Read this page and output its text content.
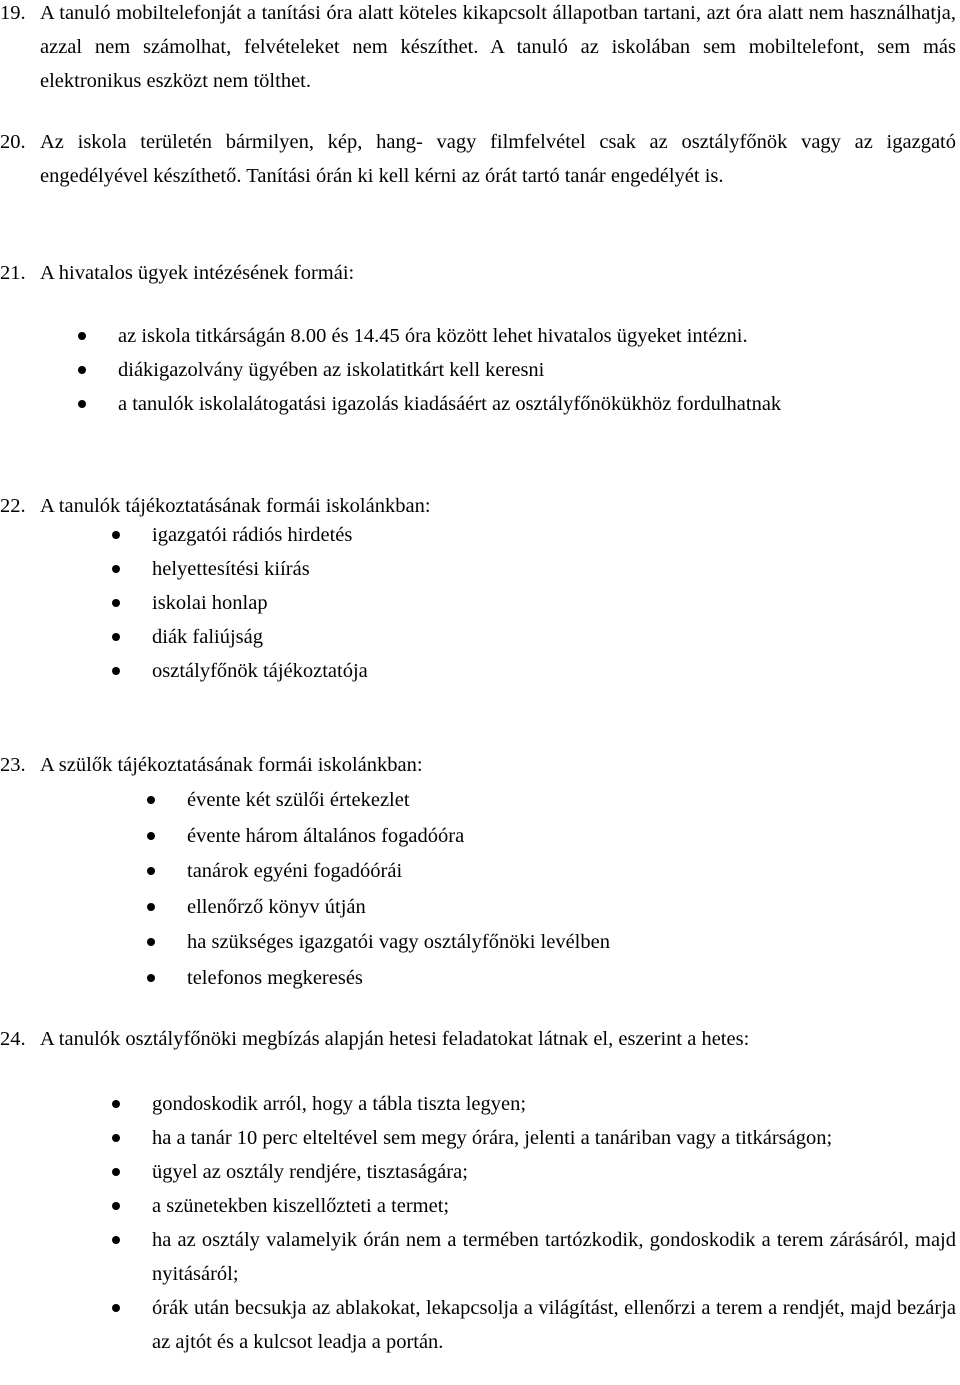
19. A tanuló mobiltelefonját a tanítási óra alatt köteles kikapcsolt állapotban tartani, azt óra alatt nem használhatja, azzal nem számolhat, felvételeket nem készíthet. A tanuló az iskolában sem mobiltelefont, sem más elektronikus eszközt nem tölthet.
20. Az iskola területén bármilyen, kép, hang- vagy filmfelvétel csak az osztályfőnök vagy az igazgató engedélyével készíthető. Tanítási órán ki kell kérni az órát tartó tanár engedélyét is.
21. A hivatalos ügyek intézésének formái:
az iskola titkárságán 8.00 és 14.45 óra között lehet hivatalos ügyeket intézni.
diákigazolvány ügyében az iskolatitkárt kell keresni
a tanulók iskolalátogatási igazolás kiadásáért az osztályfőnökükhöz fordulhatnak
22. A tanulók tájékoztatásának formái iskolánkban:
igazgatói rádiós hirdetés
helyettesítési kiírás
iskolai honlap
diák faliújság
osztályfőnök tájékoztatója
23. A szülők tájékoztatásának formái iskolánkban:
évente két szülői értekezlet
évente három általános fogadóóra
tanárok egyéni fogadóórái
ellenőrző könyv útján
ha szükséges igazgatói vagy osztályfőnöki levélben
telefonos megkeresés
24. A tanulók osztályfőnöki megbízás alapján hetesi feladatokat látnak el, eszerint a hetes:
gondoskodik arról, hogy a tábla tiszta legyen;
ha a tanár 10 perc elteltével sem megy órára, jelenti a tanáriban vagy a titkárságon;
ügyel az osztály rendjére, tisztaságára;
a szünetekben kiszellőzteti a termet;
ha az osztály valamelyik órán nem a termében tartózkodik, gondoskodik a terem zárásáról, majd nyitásáról;
órák után becsukja az ablakokat, lekapcsolja a világítást, ellenőrzi a terem a rendjét, majd bezárja az ajtót és a kulcsot leadja a portán.
